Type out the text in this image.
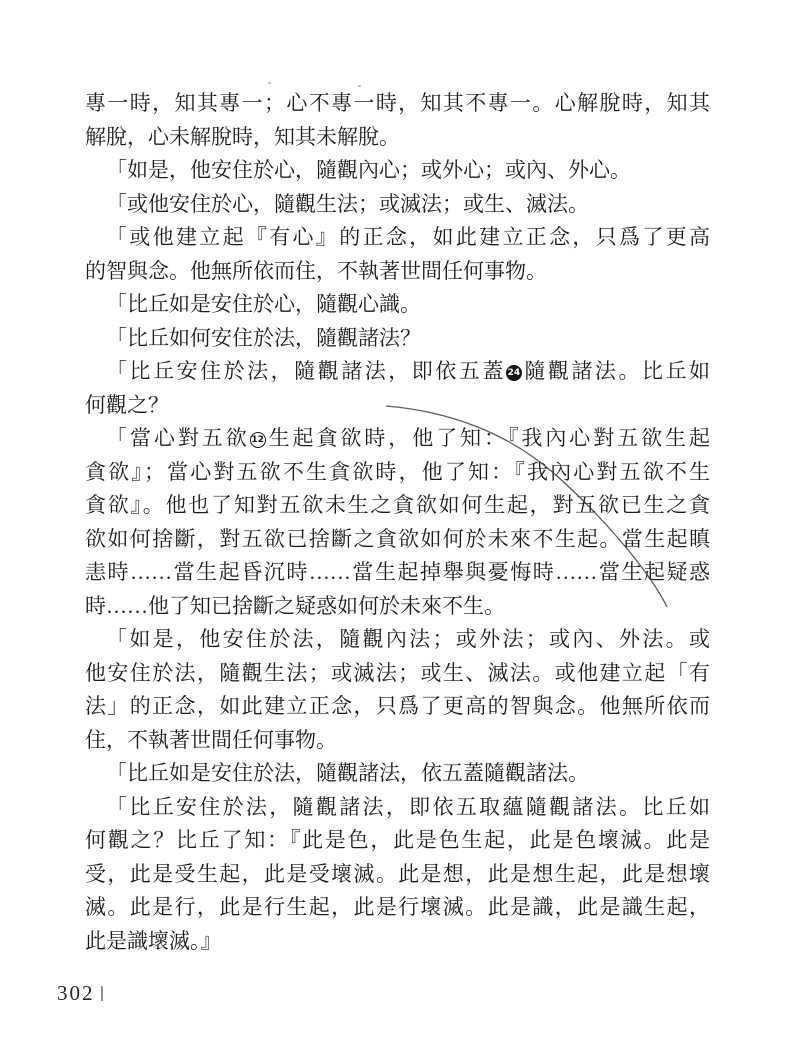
專一時，知其專一；心不專一時，知其不專一。心解脫時，知其
解脫，心未解脫時，知其未解脫。
「如是，他安住於心，隨觀內心；或外心；或內、外心。
「或他安住於心，隨觀生法；或滅法；或生、滅法。
「或他建立起『有心』的正念，如此建立正念，只爲了更高
的智與念。他無所依而住，不執著世間任何事物。
「比丘如是安住於心，隨觀心識。
「比丘如何安住於法，隨觀諸法？
「比丘安住於法，隨觀諸法，即依五蓋 24隨觀諸法。比丘如
何觀之？
「當心對五欲 12生起貪欲時，他了知：『我內心對五欲生起
貪欲』；當心對五欲不生貪欲時，他了知：『我內心對五欲不生
貪欲』。他也了知對五欲未生之貪欲如何生起，對五欲已生之貪
欲如何捨斷，對五欲已捨斷之貪欲如何於未來不生起。當生起瞋
恚時……當生起昏沉時……當生起掉舉與憂悔時……當生起疑惑
時……他了知已捨斷之疑惑如何於未來不生。
「如是，他安住於法，隨觀內法；或外法；或內、外法。或
他安住於法，隨觀生法；或滅法；或生、滅法。或他建立起「有
法」的正念，如此建立正念，只爲了更高的智與念。他無所依而
住，不執著世間任何事物。
「比丘如是安住於法，隨觀諸法，依五蓋隨觀諸法。
「比丘安住於法，隨觀諸法，即依五取蘊隨觀諸法。比丘如
何觀之？比丘了知：『此是色，此是色生起，此是色壞滅。此是
受，此是受生起，此是受壞滅。此是想，此是想生起，此是想壞
滅。此是行，此是行生起，此是行壞滅。此是識，此是識生起，
此是識壞滅。』
302
